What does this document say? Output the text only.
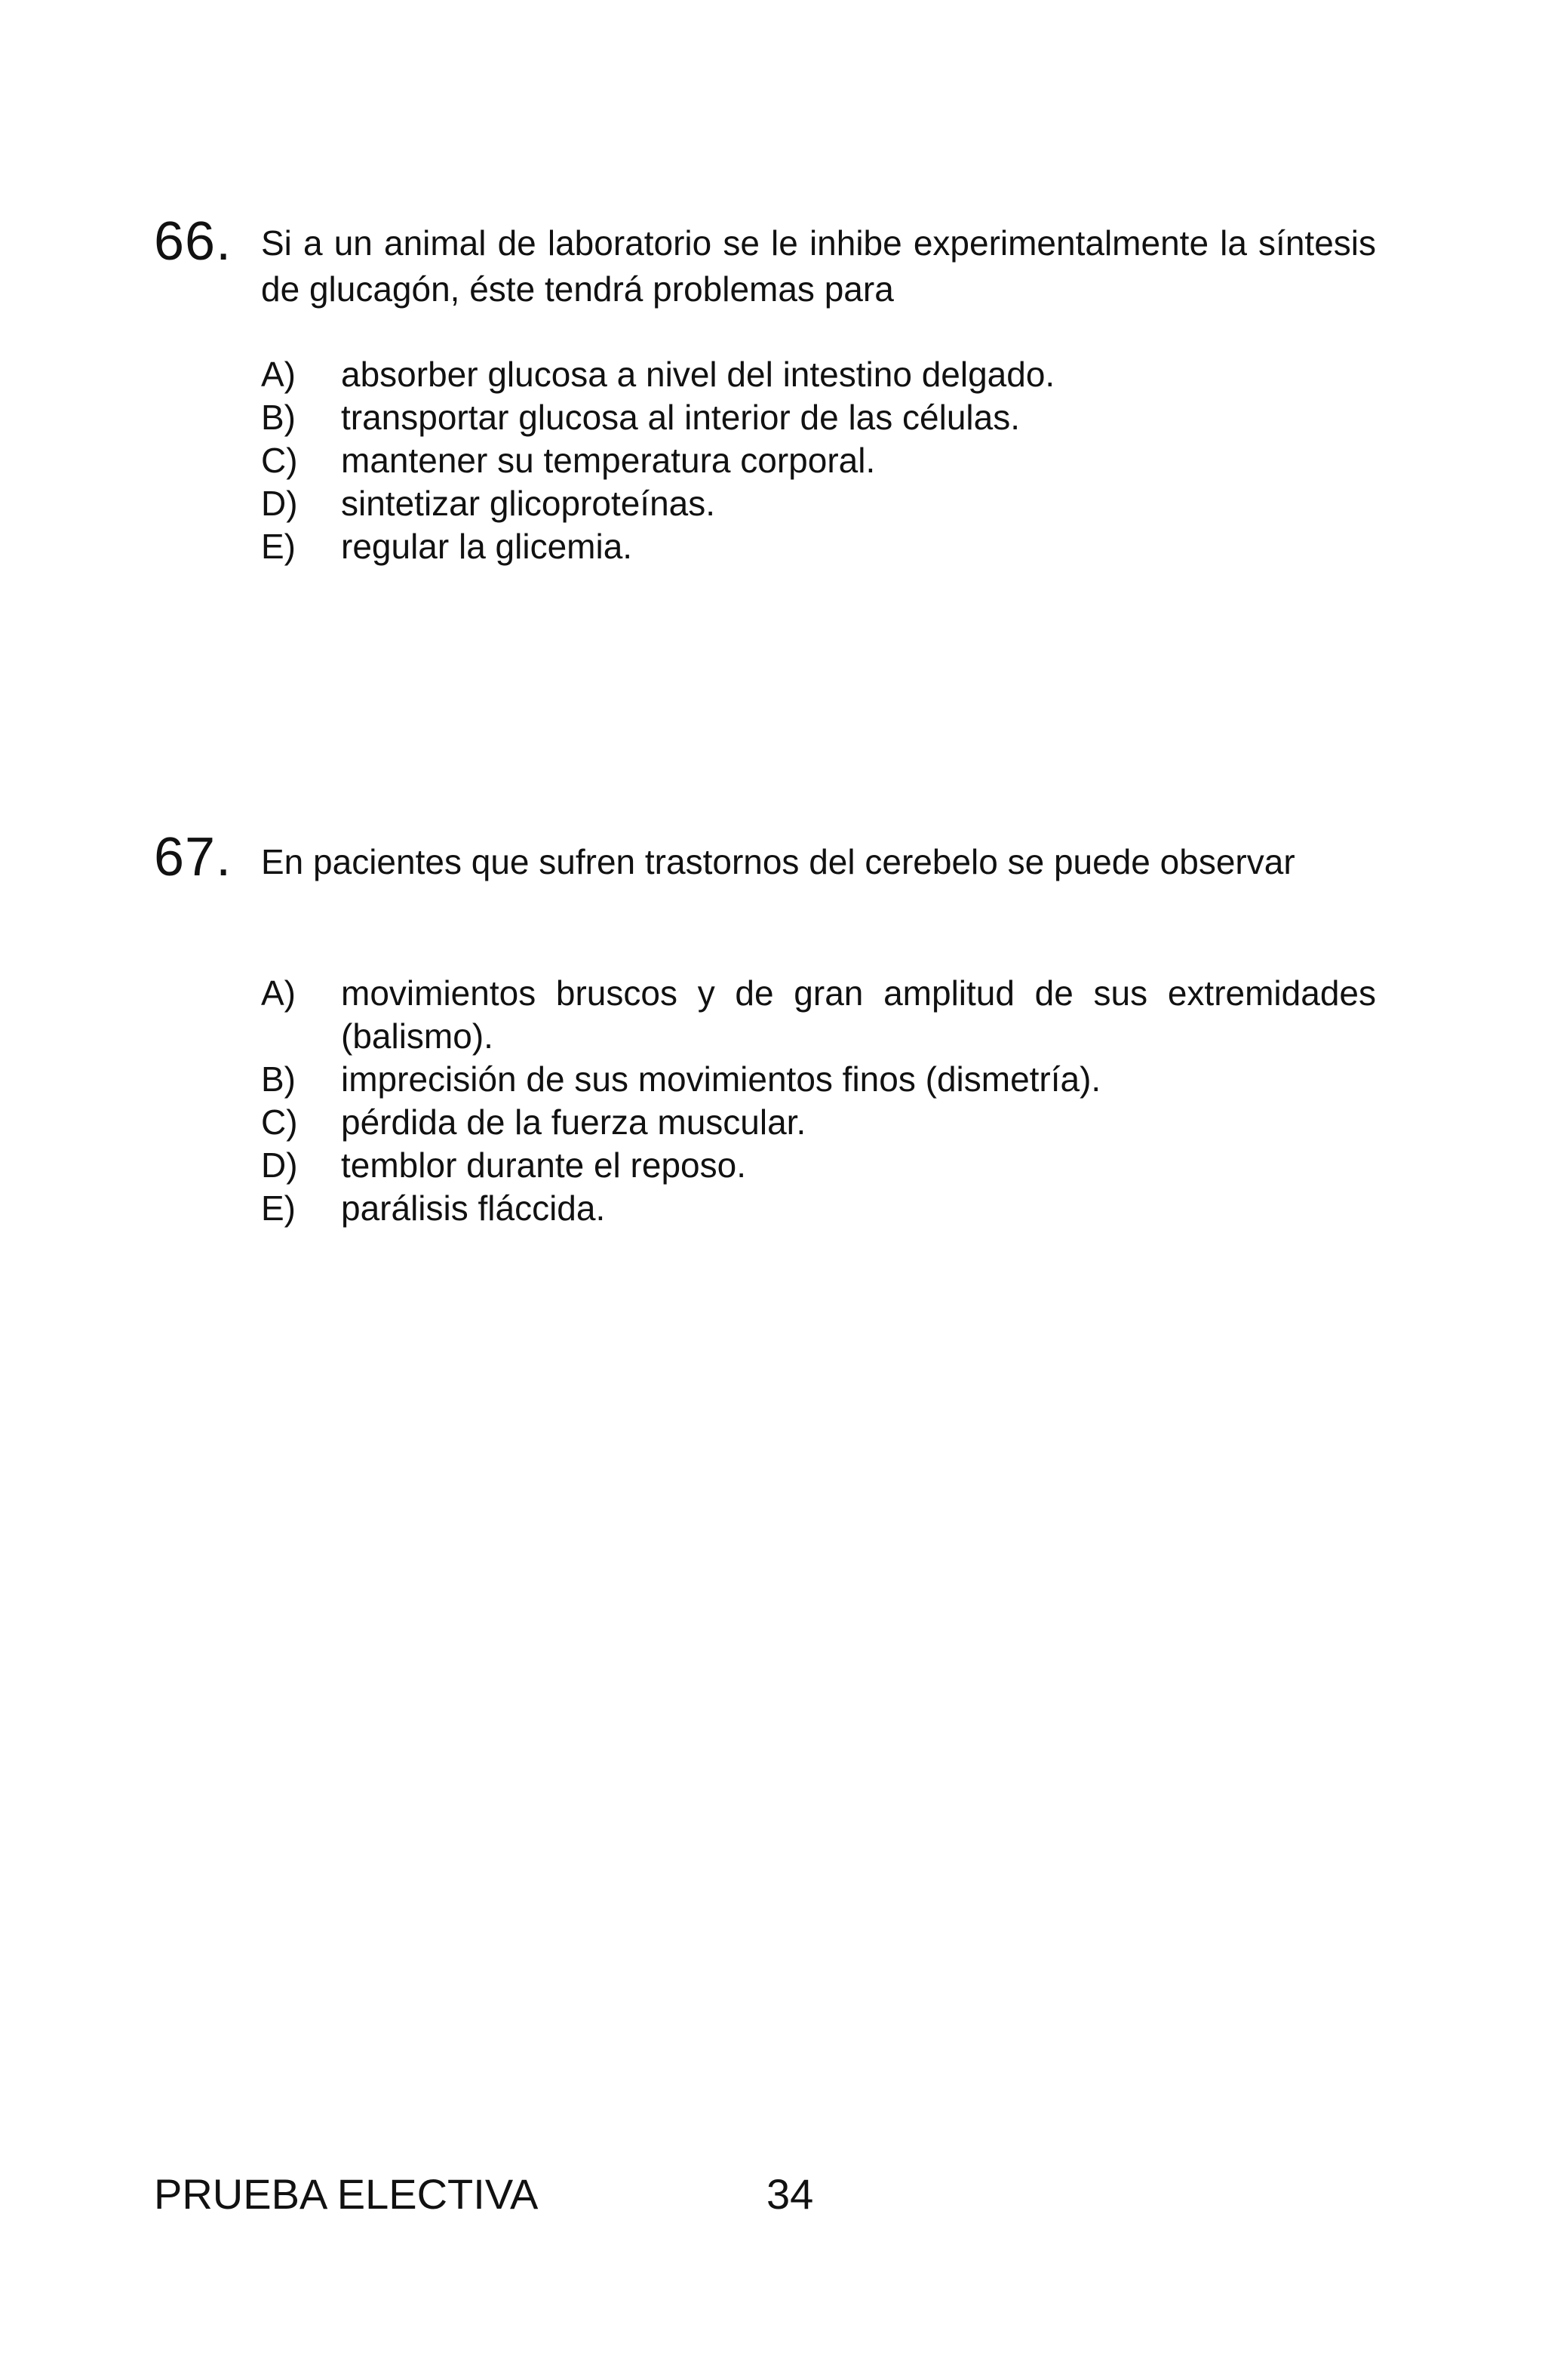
66. Si a un animal de laboratorio se le inhibe experimentalmente la síntesis de glucagón, éste tendrá problemas para
A) absorber glucosa a nivel del intestino delgado.
B) transportar glucosa al interior de las células.
C) mantener su temperatura corporal.
D) sintetizar glicoproteínas.
E) regular la glicemia.
67. En pacientes que sufren trastornos del cerebelo se puede observar
A) movimientos bruscos y de gran amplitud de sus extremidades (balismo).
B) imprecisión de sus movimientos finos (dismetría).
C) pérdida de la fuerza muscular.
D) temblor durante el reposo.
E) parálisis fláccida.
PRUEBA ELECTIVA	34
